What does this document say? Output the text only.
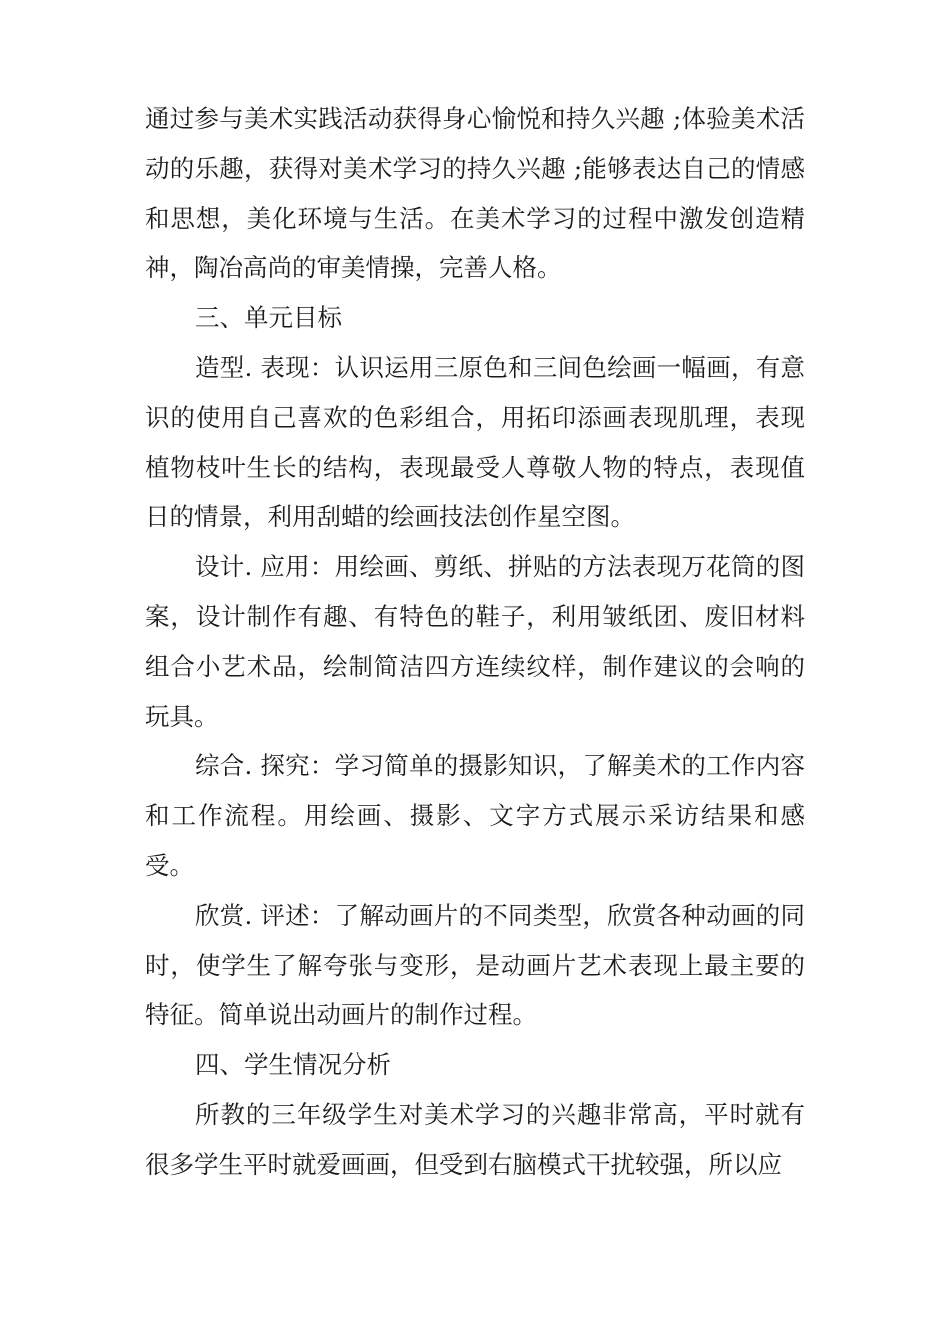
通过参与美术实践活动获得身心愉悦和持久兴趣 ;体验美术活动的乐趣，获得对美术学习的持久兴趣 ;能够表达自己的情感和思想，美化环境与生活。在美术学习的过程中激发创造精神，陶冶高尚的审美情操，完善人格。

三、单元目标

造型. 表现：认识运用三原色和三间色绘画一幅画，有意识的使用自己喜欢的色彩组合，用拓印添画表现肌理，表现植物枝叶生长的结构，表现最受人尊敬人物的特点，表现值日的情景，利用刮蜡的绘画技法创作星空图。

设计. 应用：用绘画、剪纸、拼贴的方法表现万花筒的图案，设计制作有趣、有特色的鞋子，利用皱纸团、废旧材料组合小艺术品，绘制简洁四方连续纹样，制作建议的会响的玩具。

综合. 探究：学习简单的摄影知识，了解美术的工作内容和工作流程。用绘画、摄影、文字方式展示采访结果和感受。

欣赏. 评述：了解动画片的不同类型，欣赏各种动画的同时，使学生了解夸张与变形，是动画片艺术表现上最主要的特征。简单说出动画片的制作过程。

四、学生情况分析

所教的三年级学生对美术学习的兴趣非常高，平时就有很多学生平时就爱画画，但受到右脑模式干扰较强，所以应
